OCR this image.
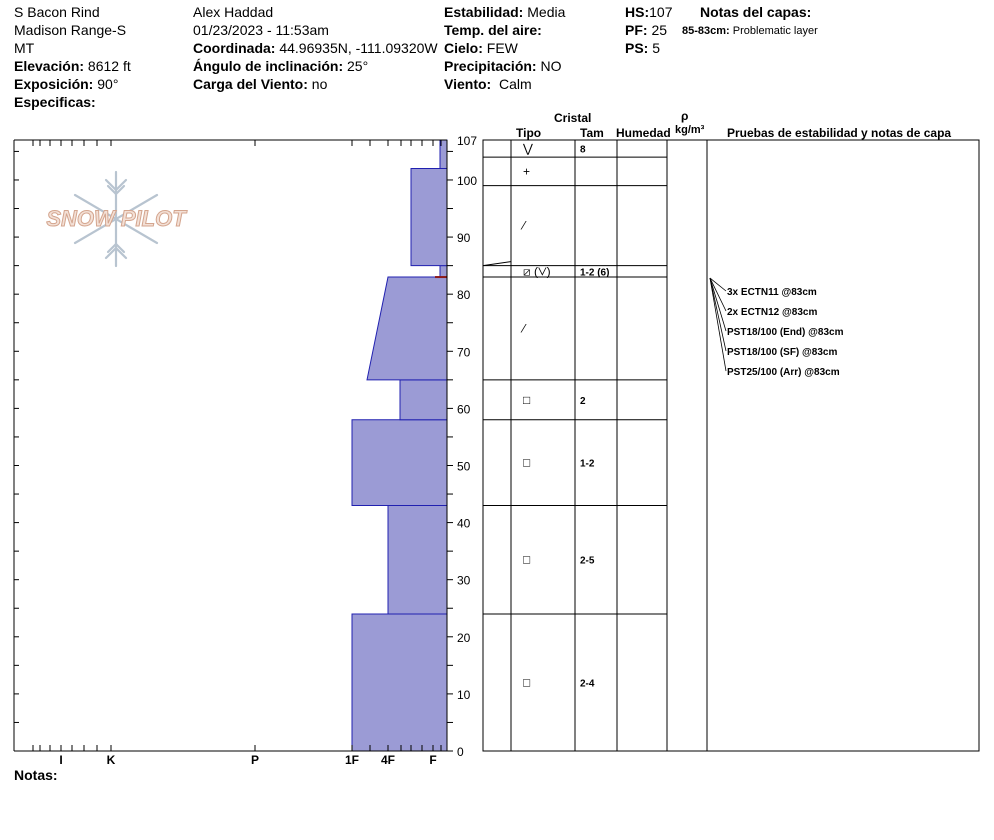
S Bacon Rind
Madison Range-S
MT
Elevación: 8612 ft
Exposición: 90°
Especificas:
Alex Haddad
01/23/2023 - 11:53am
Coordinada: 44.96935N, -111.09320W
Ángulo de inclinación: 25°
Carga del Viento: no
Estabilidad: Media
Temp. del aire:
Cielo: FEW
Precipitación: NO
Viento: Calm
HS:107
PF: 25
PS: 5
Notas del capas:
85-83cm: Problematic layer
Notas:
Cristal
Tipo	Tam Humedad
ρ
kg/m³ Pruebas de estabilidad y notas de capa
SNOW PILOT
0
10
20
30
40
50
60
70
80
90
100
107
I	K	P	1F 4F	F
⋁	8
+
⁄
⧄ (⋁)	1-2 (6)
⁄
□	2
□	1-2
□	2-5
□	2-4
3x ECTN11 @83cm
2x ECTN12 @83cm
PST18/100 (End) @83cm
PST18/100 (SF) @83cm
PST25/100 (Arr) @83cm
